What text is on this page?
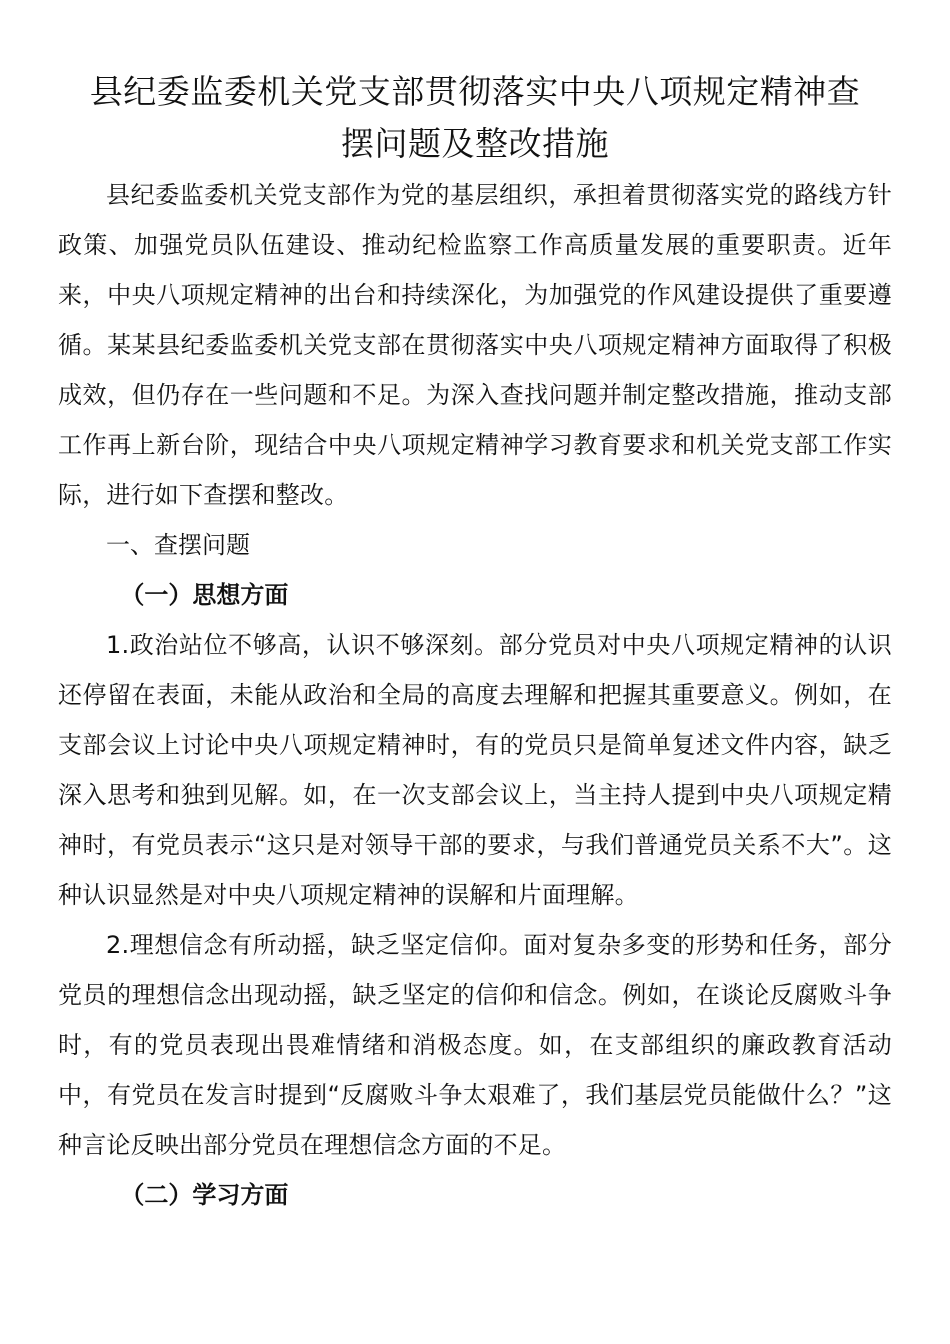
县纪委监委机关党支部贯彻落实中央八项规定精神查
摆问题及整改措施

县纪委监委机关党支部作为党的基层组织，承担着贯彻落实党的路线方针政策、加强党员队伍建设、推动纪检监察工作高质量发展的重要职责。近年来，中央八项规定精神的出台和持续深化，为加强党的作风建设提供了重要遵循。某某县纪委监委机关党支部在贯彻落实中央八项规定精神方面取得了积极成效，但仍存在一些问题和不足。为深入查找问题并制定整改措施，推动支部工作再上新台阶，现结合中央八项规定精神学习教育要求和机关党支部工作实际，进行如下查摆和整改。

一、查摆问题

（一）思想方面

1.政治站位不够高，认识不够深刻。部分党员对中央八项规定精神的认识还停留在表面，未能从政治和全局的高度去理解和把握其重要意义。例如，在支部会议上讨论中央八项规定精神时，有的党员只是简单复述文件内容，缺乏深入思考和独到见解。如，在一次支部会议上，当主持人提到中央八项规定精神时，有党员表示“这只是对领导干部的要求，与我们普通党员关系不大”。这种认识显然是对中央八项规定精神的误解和片面理解。

2.理想信念有所动摇，缺乏坚定信仰。面对复杂多变的形势和任务，部分党员的理想信念出现动摇，缺乏坚定的信仰和信念。例如，在谈论反腐败斗争时，有的党员表现出畏难情绪和消极态度。如，在支部组织的廉政教育活动中，有党员在发言时提到“反腐败斗争太艰难了，我们基层党员能做什么？”这种言论反映出部分党员在理想信念方面的不足。

（二）学习方面
